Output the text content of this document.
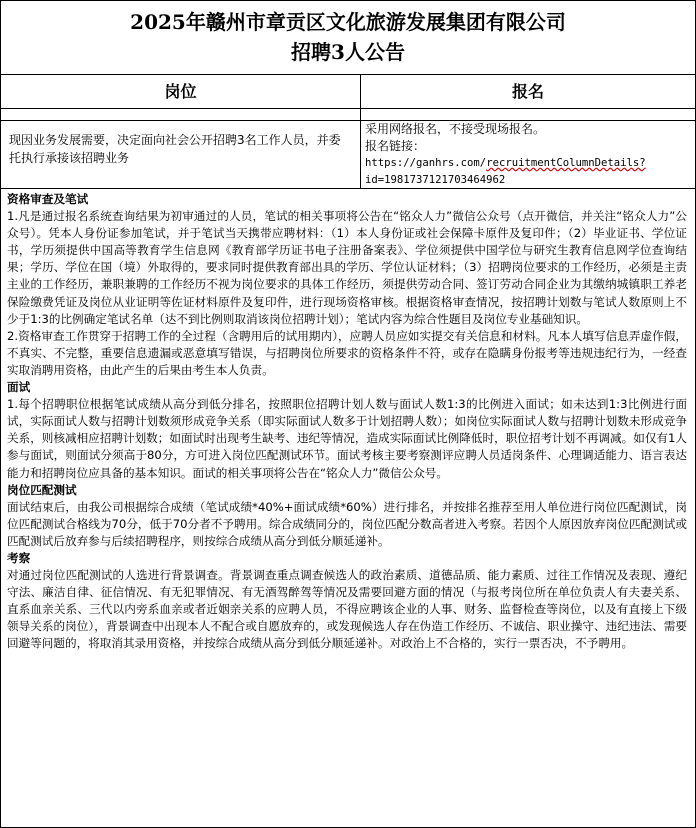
2025年赣州市章贡区文化旅游发展集团有限公司
招聘3人公告
岗位	报名
现因业务发展需要，决定面向社会公开招聘3名工作人员，并委托执行承接该招聘业务
采用网络报名，不接受现场报名。
报名链接：
https://ganhrs.com/recruitmentColumnDetails?
id=1981737121703464962
资格审查及笔试

1.凡是通过报名系统查询结果为初审通过的人员，笔试的相关事项将公告在“铭众人力”微信公众号（点开微信，并关注“铭众人力”公众号）。凭本人身份证参加笔试，并于笔试当天携带应聘材料：（1）本人身份证或社会保障卡原件及复印件；（2）毕业证书、学位证书，学历须提供中国高等教育学生信息网《教育部学历证书电子注册备案表》、学位须提供中国学位与研究生教育信息网学位查询结果；学历、学位在国（境）外取得的，要求同时提供教育部出具的学历、学位认证材料；（3）招聘岗位要求的工作经历，必须是主责主业的工作经历，兼职兼聘的工作经历不视为岗位要求的具体工作经历，须提供劳动合同、签订劳动合同企业为其缴纳城镇职工养老保险缴费凭证及岗位从业证明等佐证材料原件及复印件，进行现场资格审核。根据资格审查情况，按招聘计划数与笔试人数原则上不少于1:3的比例确定笔试名单（达不到比例则取消该岗位招聘计划）；笔试内容为综合性题目及岗位专业基础知识。

2.资格审查工作贯穿于招聘工作的全过程（含聘用后的试用期内），应聘人员应如实提交有关信息和材料。凡本人填写信息弄虚作假，不真实、不完整，重要信息遗漏或恶意填写错误，与招聘岗位所要求的资格条件不符，或存在隐瞒身份报考等违规违纪行为，一经查实取消聘用资格，由此产生的后果由考生本人负责。

面试

1.每个招聘职位根据笔试成绩从高分到低分排名，按照职位招聘计划人数与面试人数1:3的比例进入面试；如未达到1:3比例进行面试，实际面试人数与招聘计划数须形成竞争关系（即实际面试人数多于计划招聘人数）；如岗位实际面试人数与招聘计划数未形成竞争关系，则核减相应招聘计划数；如面试时出现考生缺考、违纪等情况，造成实际面试比例降低时，职位招考计划不再调减。如仅有1人参与面试，则面试分须高于80分，方可进入岗位匹配测试环节。面试考核主要考察测评应聘人员适岗条件、心理调适能力、语言表达能力和招聘岗位应具备的基本知识。面试的相关事项将公告在“铭众人力”微信公众号。

岗位匹配测试

面试结束后，由我公司根据综合成绩（笔试成绩*40%+面试成绩*60%）进行排名，并按排名推荐至用人单位进行岗位匹配测试，岗位匹配测试合格线为70分，低于70分者不予聘用。综合成绩同分的，岗位匹配分数高者进入考察。若因个人原因放弃岗位匹配测试或匹配测试后放弃参与后续招聘程序，则按综合成绩从高分到低分顺延递补。

考察

对通过岗位匹配测试的人选进行背景调查。背景调查重点调查候选人的政治素质、道德品质、能力素质、过往工作情况及表现、遵纪守法、廉洁自律、征信情况、有无犯罪情况、有无酒驾醉驾等情况及需要回避方面的情况（与报考岗位所在单位负责人有夫妻关系、直系血亲关系、三代以内旁系血亲或者近姻亲关系的应聘人员，不得应聘该企业的人事、财务、监督检查等岗位，以及有直接上下级领导关系的岗位），背景调查中出现本人不配合或自愿放弃的，或发现候选人存在伪造工作经历、不诚信、职业操守、违纪违法、需要回避等问题的，将取消其录用资格，并按综合成绩从高分到低分顺延递补。对政治上不合格的，实行一票否决，不予聘用。
